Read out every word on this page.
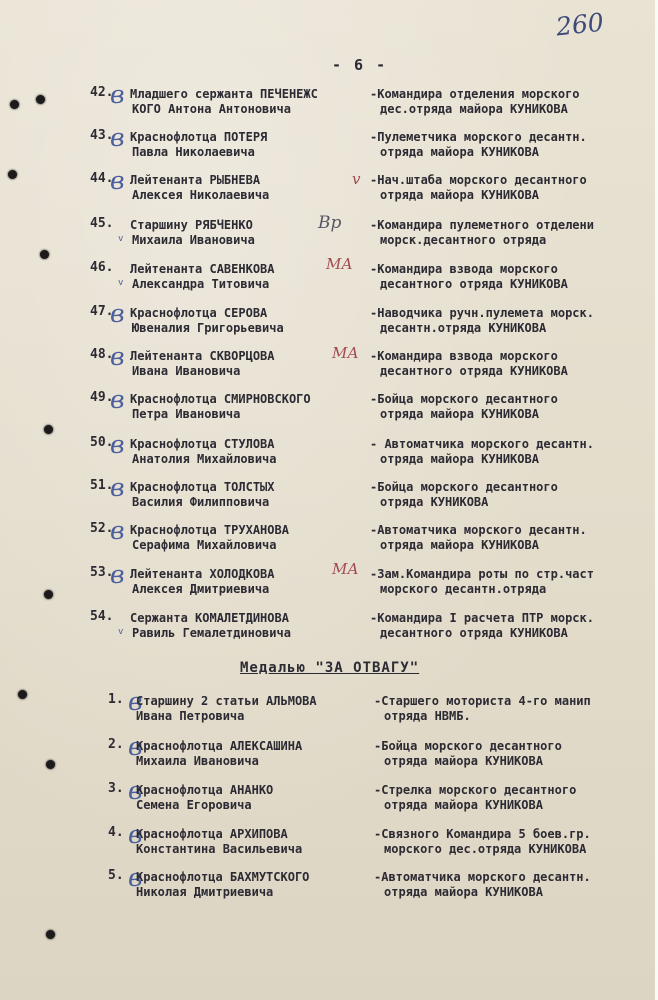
260
- 6 -
в
42. Младшего сержанта ПЕЧЕНЕЖС
КОГО Антона Антоновича
-Командира отделения морского
дес.отряда майора КУНИКОВА
в
43. Краснофлотца ПОТЕРЯ
Павла Николаевича
-Пулеметчика морского десантн.
отряда майора КУНИКОВА
в
44. Лейтенанта РЫБНЕВА
Алексея Николаевича
-Нач.штаба морского десантного
отряда майора КУНИКОВА
v
45. Старшину РЯБЧЕНКО
Михаила Ивановича
v
-Командира пулеметного отделени
морск.десантного отряда
Вр
46. Лейтенанта САВЕНКОВА
Александра Титовича
v
-Командира взвода морского
десантного отряда КУНИКОВА
МА
в
47. Краснофлотца СЕРОВА
Ювеналия Григорьевича
-Наводчика ручн.пулемета морск.
десантн.отряда КУНИКОВА
в
48. Лейтенанта СКВОРЦОВА
Ивана Ивановича
-Командира взвода морского
десантного отряда КУНИКОВА
МА
в
49. Краснофлотца СМИРНОВСКОГО
Петра Ивановича
-Бойца морского десантного
отряда майора КУНИКОВА
в
50. Краснофлотца СТУЛОВА
Анатолия Михайловича
- Автоматчика морского десантн.
отряда майора КУНИКОВА
в
51. Краснофлотца ТОЛСТЫХ
Василия Филипповича
-Бойца морского десантного
отряда КУНИКОВА
в
52. Краснофлотца ТРУХАНОВА
Серафима Михайловича
-Автоматчика морского десантн.
отряда майора КУНИКОВА
в
53. Лейтенанта ХОЛОДКОВА
Алексея Дмитриевича
-Зам.Командира роты по стр.част
морского десантн.отряда
МА
54. Сержанта КОМАЛЕТДИНОВА
Равиль Гемалетдиновича
v
-Командира I расчета ПТР морск.
десантного отряда КУНИКОВА
Медалью "ЗА ОТВАГУ"
в
1. Старшину 2 статьи АЛЬМОВА
Ивана Петровича
-Старшего моториста 4-го манип
отряда НВМБ.
в
2. Краснофлотца АЛЕКСАШИНА
Михаила Ивановича
-Бойца морского десантного
отряда майора КУНИКОВА
в
3. Краснофлотца АНАНКО
Семена Егоровича
-Стрелка морского десантного
отряда майора КУНИКОВА
в
4. Краснофлотца АРХИПОВА
Константина Васильевича
-Связного Командира 5 боев.гр.
морского дес.отряда КУНИКОВА
в
5. Краснофлотца БАХМУТСКОГО
Николая Дмитриевича
-Автоматчика морского десантн.
отряда майора КУНИКОВА
